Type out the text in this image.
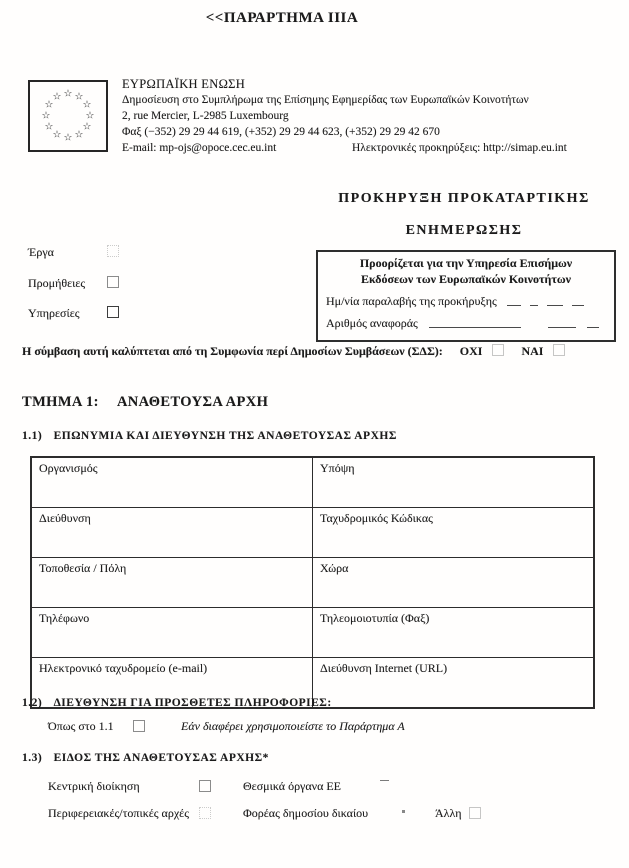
<<ΠΑΡΑΡΤΗΜΑ ΙΙΙΑ
☆ ☆
☆
☆
☆
☆
☆
☆
☆
☆
☆
☆
ΕΥΡΩΠΑΪΚΗ ΕΝΩΣΗ
Δημοσίευση στο Συμπλήρωμα της Επίσημης Εφημερίδας των Ευρωπαϊκών Κοινοτήτων
2, rue Mercier, L-2985 Luxembourg
Φαξ (−352) 29 29 44 619, (+352) 29 29 44 623, (+352) 29 29 42 670
E-mail: mp-ojs@opoce.cec.eu.int	Ηλεκτρονικές προκηρύξεις: http://simap.eu.int
ΠΡΟΚΗΡΥΞΗ ΠΡΟΚΑΤΑΡΤΙΚΗΣ
ΕΝΗΜΕΡΩΣΗΣ
Έργα
Προμήθειες
Υπηρεσίες
Προορίζεται για την Υπηρεσία Επισήμων
Εκδόσεων των Ευρωπαϊκών Κοινοτήτων
Ημ/νία παραλαβής της προκήρυξης
Αριθμός αναφοράς
Η σύμβαση αυτή καλύπτεται από τη Συμφωνία περί Δημοσίων Συμβάσεων (ΣΔΣ): ΟΧΙ	ΝΑΙ
ΤΜΗΜΑ 1: ΑΝΑΘΕΤΟΥΣΑ ΑΡΧΗ
1.1) ΕΠΩΝΥΜΙΑ ΚΑΙ ΔΙΕΥΘΥΝΣΗ ΤΗΣ ΑΝΑΘΕΤΟΥΣΑΣ ΑΡΧΗΣ
Οργανισμός	Υπόψη
Διεύθυνση	Ταχυδρομικός Κώδικας
Τοποθεσία / Πόλη	Χώρα
Τηλέφωνο	Τηλεομοιοτυπία (Φαξ)
Ηλεκτρονικό ταχυδρομείο (e-mail)	Διεύθυνση Internet (URL)
1.2) ΔΙΕΥΘΥΝΣΗ ΓΙΑ ΠΡΟΣΘΕΤΕΣ ΠΛΗΡΟΦΟΡΙΕΣ:
Όπως στο 1.1	Εάν διαφέρει χρησιμοποιείστε το Παράρτημα Α
1.3) ΕΙΔΟΣ ΤΗΣ ΑΝΑΘΕΤΟΥΣΑΣ ΑΡΧΗΣ*
Κεντρική διοίκηση	Θεσμικά όργανα ΕΕ
Περιφερειακές/τοπικές αρχές	Φορέας δημοσίου δικαίου	Άλλη
